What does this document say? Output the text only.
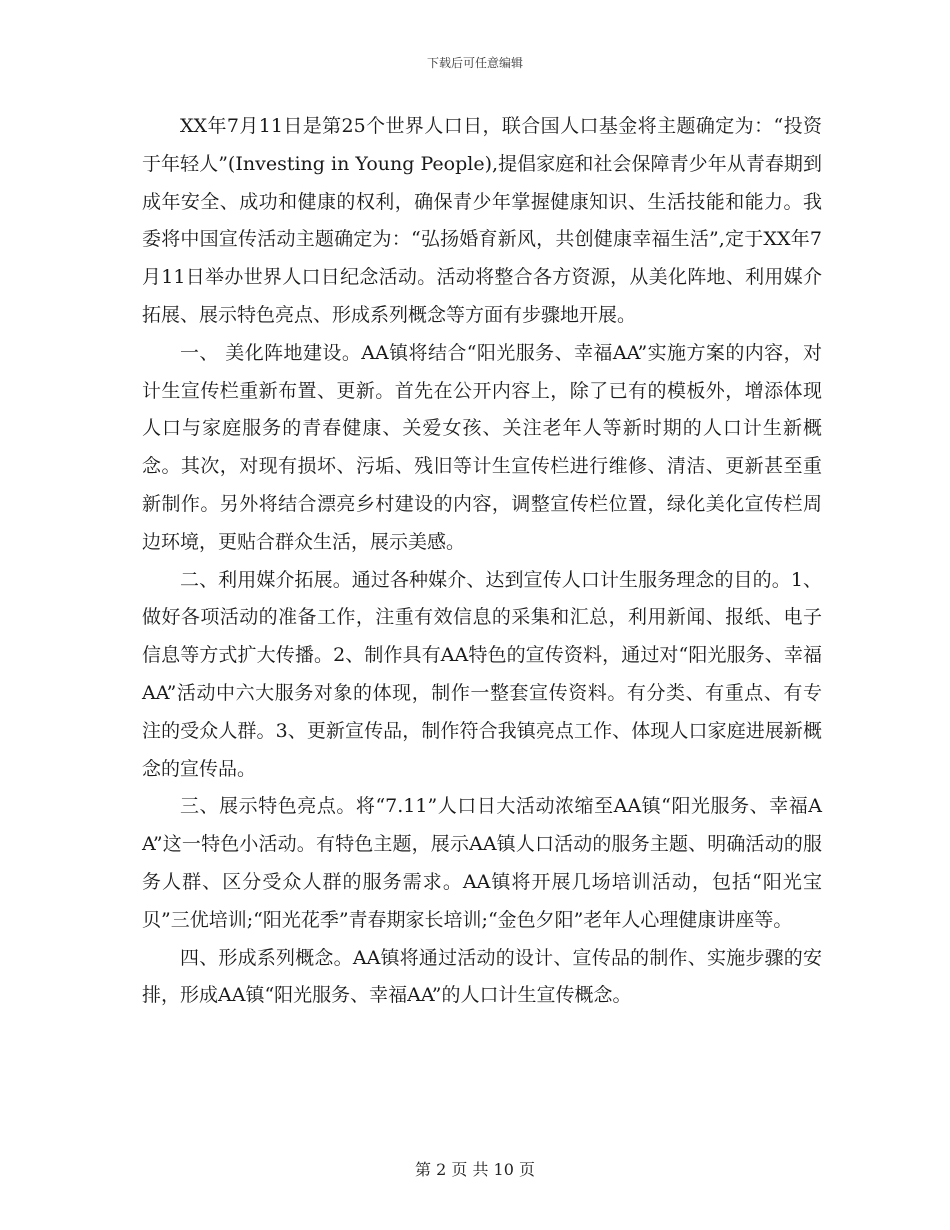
下载后可任意编辑

XX年7月11日是第25个世界人口日，联合国人口基金将主题确定为：“投资于年轻人”(Investing in Young People),提倡家庭和社会保障青少年从青春期到成年安全、成功和健康的权利，确保青少年掌握健康知识、生活技能和能力。我委将中国宣传活动主题确定为：“弘扬婚育新风，共创健康幸福生活”,定于XX年7月11日举办世界人口日纪念活动。活动将整合各方资源，从美化阵地、利用媒介拓展、展示特色亮点、形成系列概念等方面有步骤地开展。

一、 美化阵地建设。AA镇将结合“阳光服务、幸福AA”实施方案的内容，对计生宣传栏重新布置、更新。首先在公开内容上，除了已有的模板外，增添体现人口与家庭服务的青春健康、关爱女孩、关注老年人等新时期的人口计生新概念。其次，对现有损坏、污垢、残旧等计生宣传栏进行维修、清洁、更新甚至重新制作。另外将结合漂亮乡村建设的内容，调整宣传栏位置，绿化美化宣传栏周边环境，更贴合群众生活，展示美感。

二、利用媒介拓展。通过各种媒介、达到宣传人口计生服务理念的目的。1、做好各项活动的准备工作，注重有效信息的采集和汇总，利用新闻、报纸、电子信息等方式扩大传播。2、制作具有AA特色的宣传资料，通过对“阳光服务、幸福AA”活动中六大服务对象的体现，制作一整套宣传资料。有分类、有重点、有专注的受众人群。3、更新宣传品，制作符合我镇亮点工作、体现人口家庭进展新概念的宣传品。

三、展示特色亮点。将“7.11”人口日大活动浓缩至AA镇“阳光服务、幸福AA”这一特色小活动。有特色主题，展示AA镇人口活动的服务主题、明确活动的服务人群、区分受众人群的服务需求。AA镇将开展几场培训活动，包括“阳光宝贝”三优培训;“阳光花季”青春期家长培训;“金色夕阳”老年人心理健康讲座等。

四、形成系列概念。AA镇将通过活动的设计、宣传品的制作、实施步骤的安排，形成AA镇“阳光服务、幸福AA”的人口计生宣传概念。

第 2 页 共 10 页
